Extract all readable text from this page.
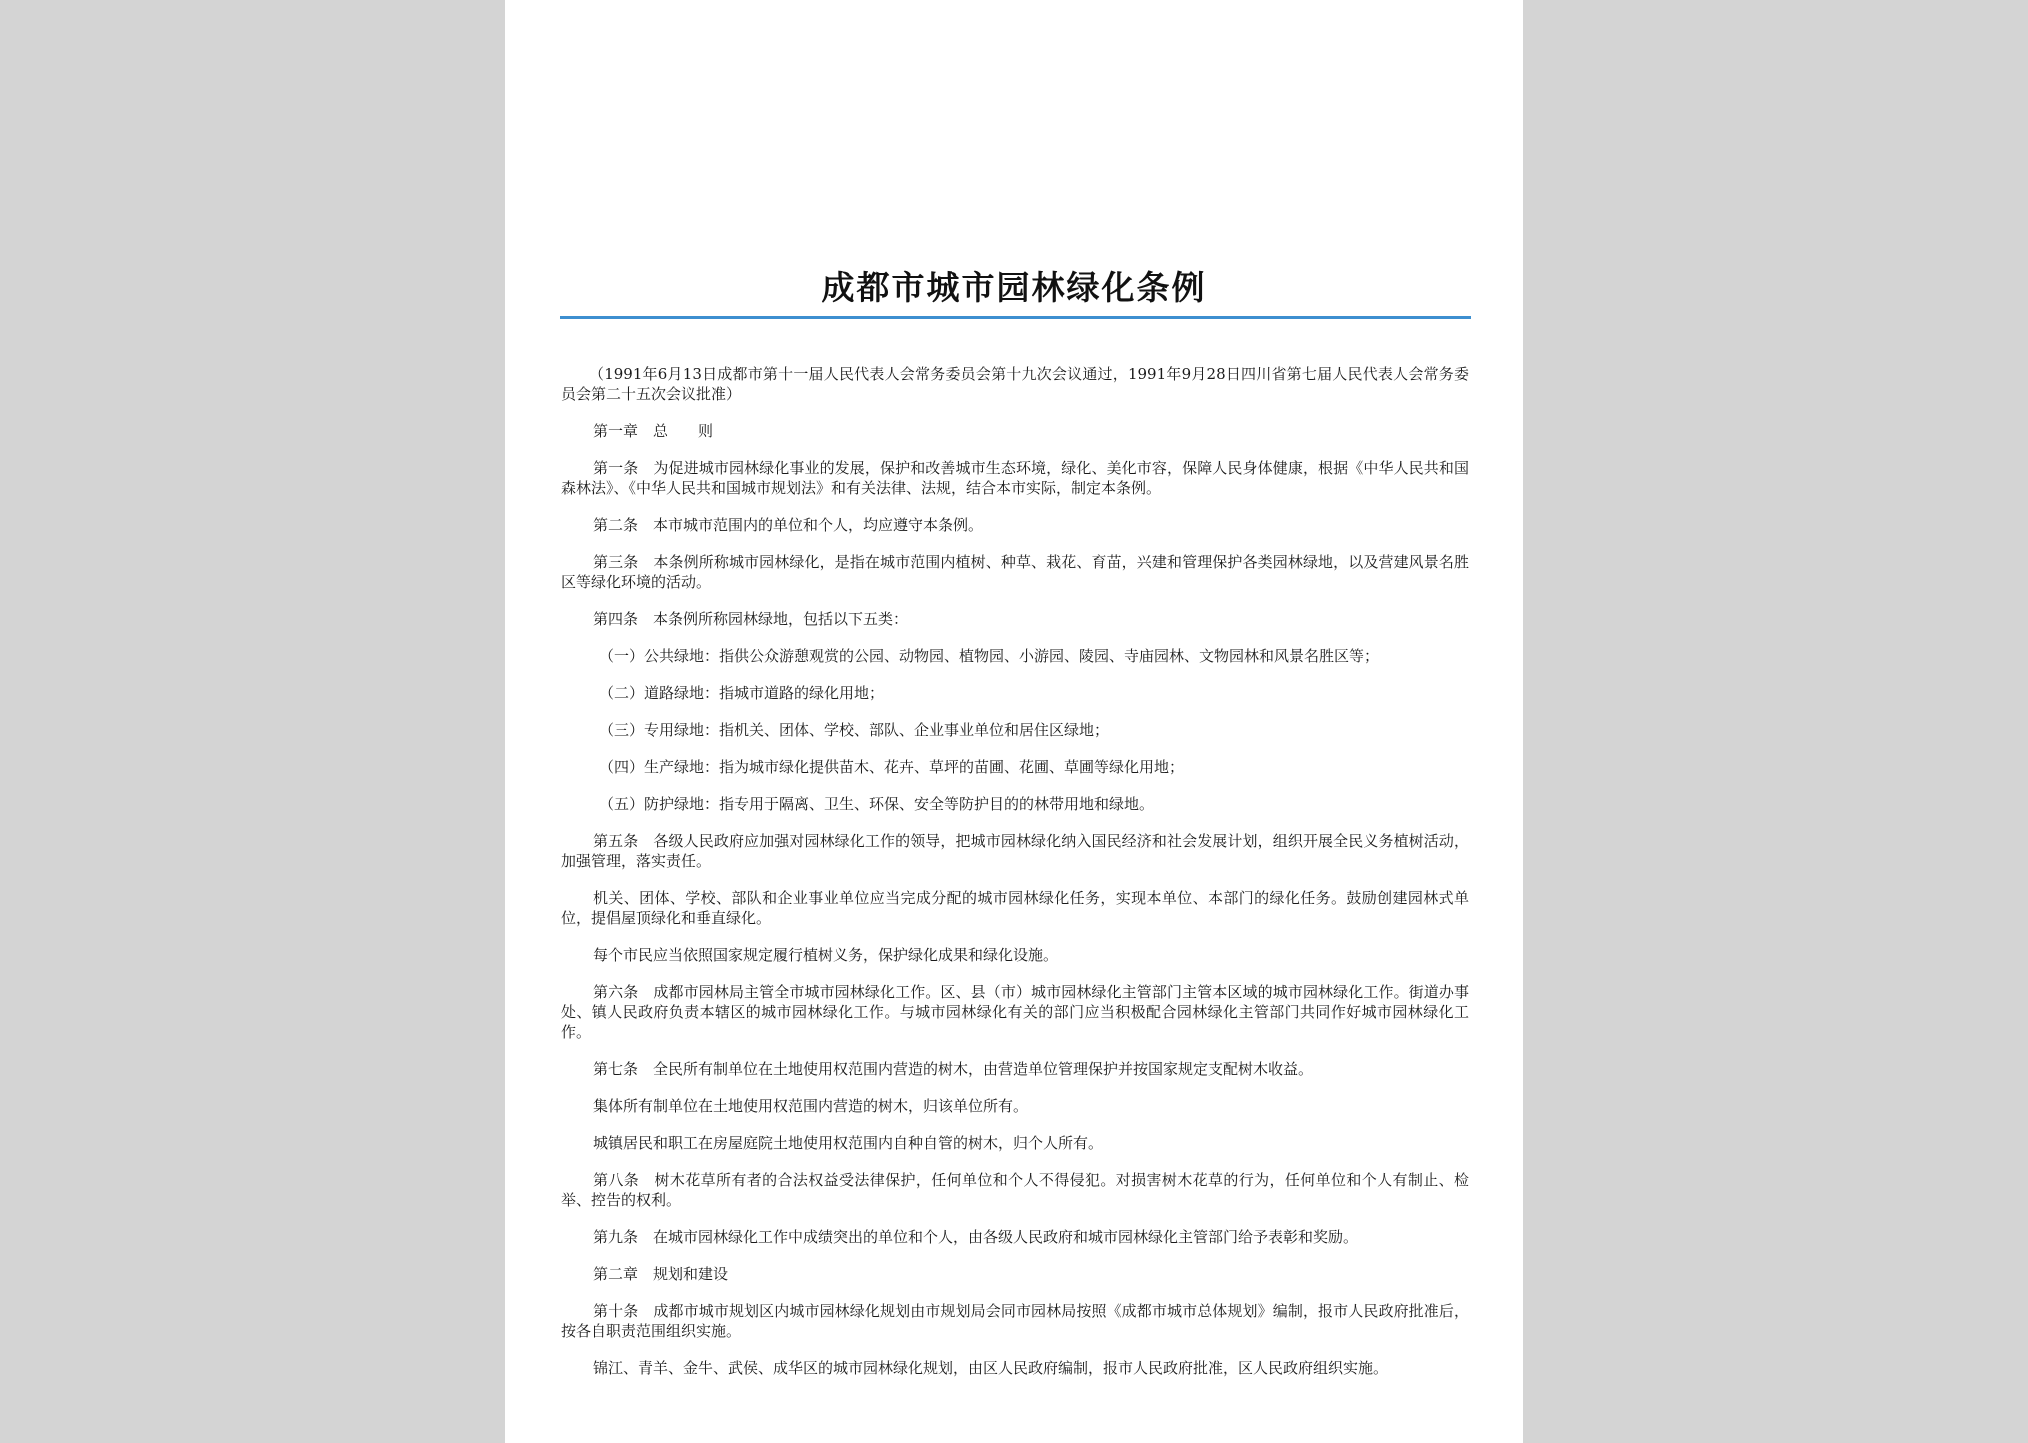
成都市城市园林绿化条例

（1991年6月13日成都市第十一届人民代表人会常务委员会第十九次会议通过，1991年9月28日四川省第七届人民代表人会常务委员会第二十五次会议批准）

第一章　总　　则

第一条　为促进城市园林绿化事业的发展，保护和改善城市生态环境，绿化、美化市容，保障人民身体健康，根据《中华人民共和国森林法》、《中华人民共和国城市规划法》和有关法律、法规，结合本市实际，制定本条例。

第二条　本市城市范围内的单位和个人，均应遵守本条例。

第三条　本条例所称城市园林绿化，是指在城市范围内植树、种草、栽花、育苗，兴建和管理保护各类园林绿地，以及营建风景名胜区等绿化环境的活动。

第四条　本条例所称园林绿地，包括以下五类：

（一）公共绿地：指供公众游憩观赏的公园、动物园、植物园、小游园、陵园、寺庙园林、文物园林和风景名胜区等；

（二）道路绿地：指城市道路的绿化用地；

（三）专用绿地：指机关、团体、学校、部队、企业事业单位和居住区绿地；

（四）生产绿地：指为城市绿化提供苗木、花卉、草坪的苗圃、花圃、草圃等绿化用地；

（五）防护绿地：指专用于隔离、卫生、环保、安全等防护目的的林带用地和绿地。

第五条　各级人民政府应加强对园林绿化工作的领导，把城市园林绿化纳入国民经济和社会发展计划，组织开展全民义务植树活动，加强管理，落实责任。

机关、团体、学校、部队和企业事业单位应当完成分配的城市园林绿化任务，实现本单位、本部门的绿化任务。鼓励创建园林式单位，提倡屋顶绿化和垂直绿化。

每个市民应当依照国家规定履行植树义务，保护绿化成果和绿化设施。

第六条　成都市园林局主管全市城市园林绿化工作。区、县（市）城市园林绿化主管部门主管本区域的城市园林绿化工作。街道办事处、镇人民政府负责本辖区的城市园林绿化工作。与城市园林绿化有关的部门应当积极配合园林绿化主管部门共同作好城市园林绿化工作。

第七条　全民所有制单位在土地使用权范围内营造的树木，由营造单位管理保护并按国家规定支配树木收益。

集体所有制单位在土地使用权范围内营造的树木，归该单位所有。

城镇居民和职工在房屋庭院土地使用权范围内自种自管的树木，归个人所有。

第八条　树木花草所有者的合法权益受法律保护，任何单位和个人不得侵犯。对损害树木花草的行为，任何单位和个人有制止、检举、控告的权利。

第九条　在城市园林绿化工作中成绩突出的单位和个人，由各级人民政府和城市园林绿化主管部门给予表彰和奖励。

第二章　规划和建设

第十条　成都市城市规划区内城市园林绿化规划由市规划局会同市园林局按照《成都市城市总体规划》编制，报市人民政府批准后，按各自职责范围组织实施。

锦江、青羊、金牛、武侯、成华区的城市园林绿化规划，由区人民政府编制，报市人民政府批准，区人民政府组织实施。
